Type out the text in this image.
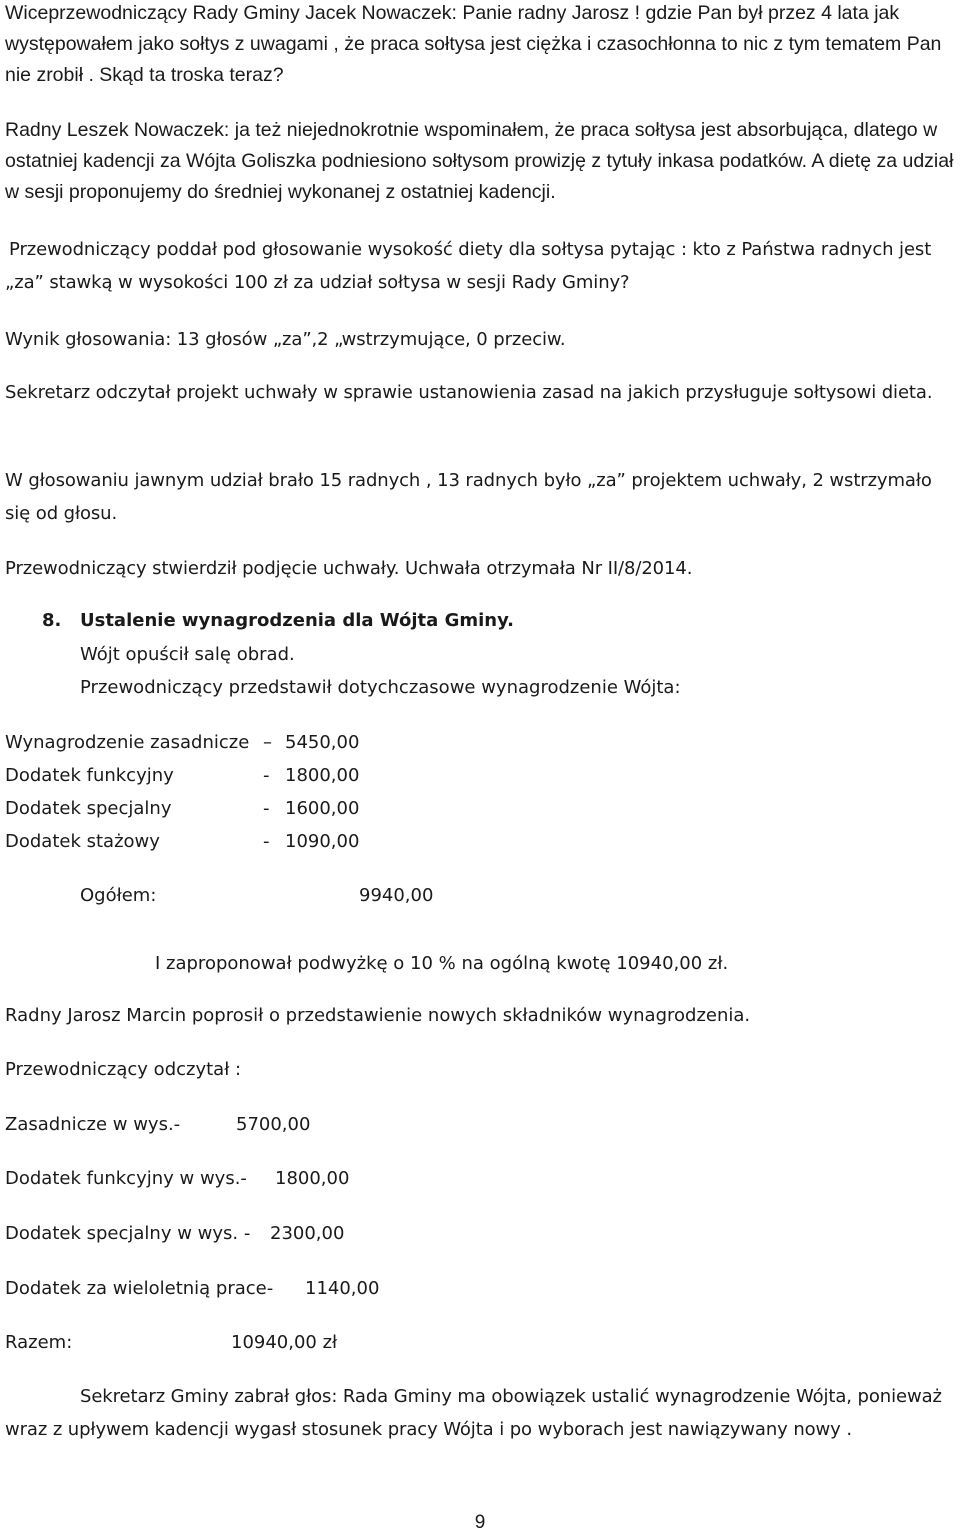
Wiceprzewodniczący Rady Gminy Jacek Nowaczek: Panie radny Jarosz ! gdzie Pan był przez 4 lata jak występowałem jako sołtys z uwagami , że praca sołtysa jest ciężka i czasochłonna to nic z tym tematem Pan nie zrobił . Skąd ta troska teraz?

Radny Leszek Nowaczek: ja też niejednokrotnie wspominałem, że praca sołtysa jest absorbująca, dlatego w ostatniej kadencji za Wójta Goliszka podniesiono sołtysom prowizję z tytuły inkasa podatków. A dietę za udział w sesji proponujemy do średniej wykonanej z ostatniej kadencji.

Przewodniczący poddał pod głosowanie wysokość diety dla sołtysa pytając : kto z Państwa radnych jest „za” stawką w wysokości 100 zł za udział sołtysa w sesji Rady Gminy?

Wynik głosowania: 13 głosów „za”,2 „wstrzymujące, 0 przeciw.

Sekretarz odczytał projekt uchwały w sprawie ustanowienia zasad na jakich przysługuje sołtysowi dieta.

W głosowaniu jawnym udział brało 15 radnych , 13 radnych było „za” projektem uchwały, 2 wstrzymało się od głosu.

Przewodniczący stwierdził podjęcie uchwały. Uchwała otrzymała Nr II/8/2014.

8. Ustalenie wynagrodzenia dla Wójta Gminy.
Wójt opuścił salę obrad.
Przewodniczący przedstawił dotychczasowe wynagrodzenie Wójta:
Wynagrodzenie zasadnicze – 5450,00
Dodatek funkcyjny	- 1800,00
Dodatek specjalny	- 1600,00
Dodatek stażowy	- 1090,00
Ogółem:	9940,00
I zaproponował podwyżkę o 10 % na ogólną kwotę 10940,00 zł.
Radny Jarosz Marcin poprosił o przedstawienie nowych składników wynagrodzenia.
Przewodniczący odczytał :
Zasadnicze w wys.-	5700,00
Dodatek funkcyjny w wys.- 1800,00
Dodatek specjalny w wys. - 2300,00
Dodatek za wieloletnią prace- 1140,00
Razem:	10940,00 zł

Sekretarz Gminy zabrał głos: Rada Gminy ma obowiązek ustalić wynagrodzenie Wójta, ponieważ wraz z upływem kadencji wygasł stosunek pracy Wójta i po wyborach jest nawiązywany nowy .

9
